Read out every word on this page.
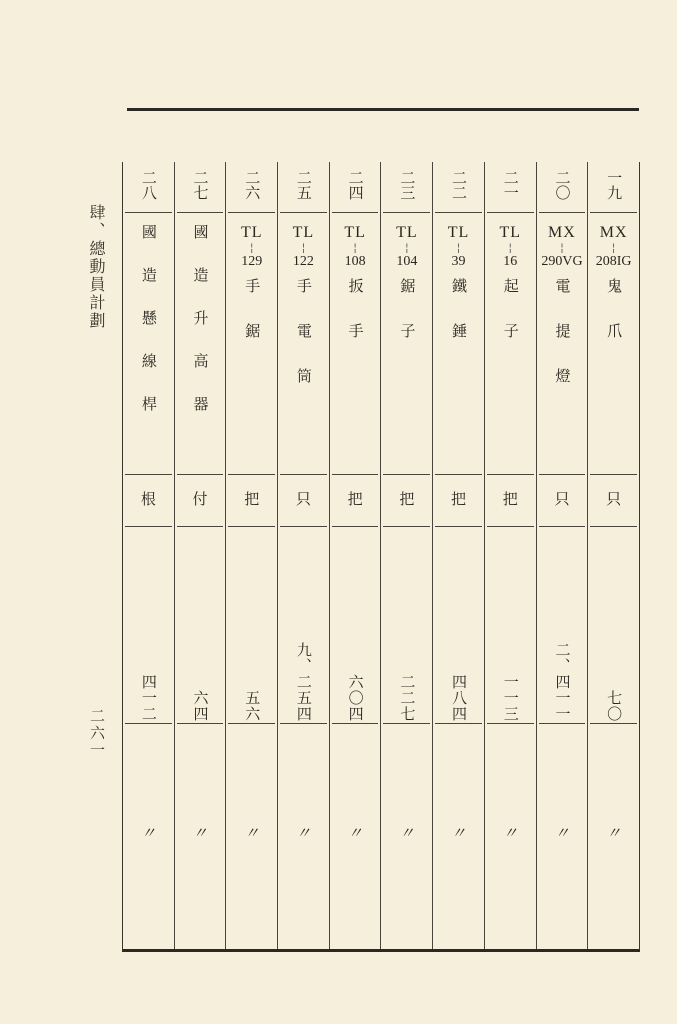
肆、總動員計劃
二六一
一九
MX
¦
208IG
鬼爪
只
七〇
〃
二〇
MX
¦
290VG
電提燈
只
二、四一一
〃
二一
TL
¦
16
起子
把
一一三
〃
二二
TL
¦
39
鐵錘
把
四八四
〃
二三
TL
¦
104
鋸子
把
二二七
〃
二四
TL
¦
108
扳手
把
六〇四
〃
二五
TL
¦
122
手電筒
只
九、二五四
〃
二六
TL
¦
129
手鋸
把
五六
〃
二七
國造升高器
付
六四
〃
二八
國造懸線桿
根
四一二
〃
